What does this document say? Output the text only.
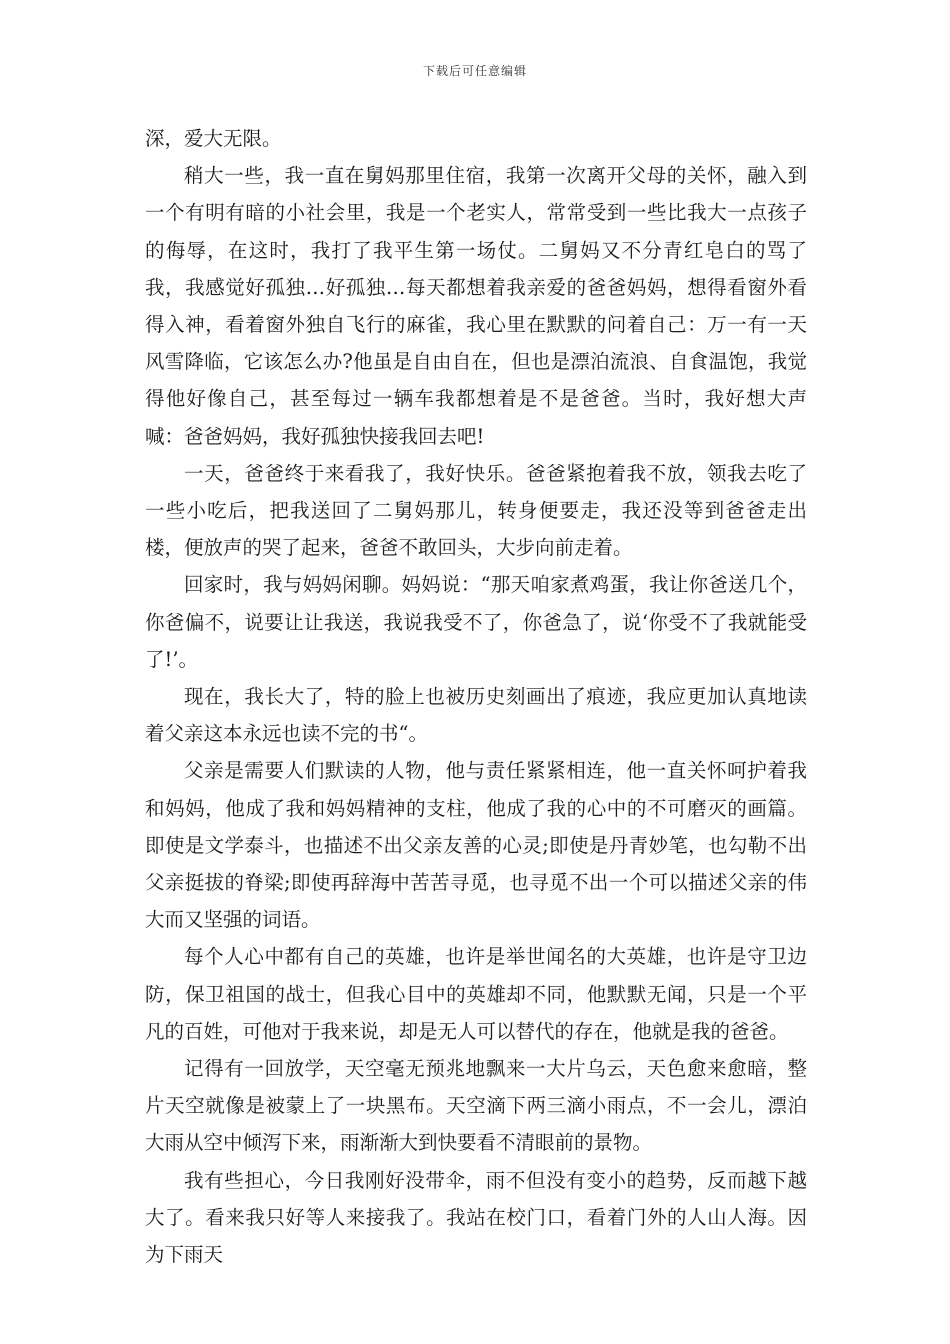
下载后可任意编辑

深，爱大无限。

稍大一些，我一直在舅妈那里住宿，我第一次离开父母的关怀，融入到一个有明有暗的小社会里，我是一个老实人，常常受到一些比我大一点孩子的侮辱，在这时，我打了我平生第一场仗。二舅妈又不分青红皂白的骂了我，我感觉好孤独…好孤独…每天都想着我亲爱的爸爸妈妈，想得看窗外看得入神，看着窗外独自飞行的麻雀，我心里在默默的问着自己：万一有一天风雪降临，它该怎么办?他虽是自由自在，但也是漂泊流浪、自食温饱，我觉得他好像自己，甚至每过一辆车我都想着是不是爸爸。当时，我好想大声喊：爸爸妈妈，我好孤独快接我回去吧!

一天，爸爸终于来看我了，我好快乐。爸爸紧抱着我不放，领我去吃了一些小吃后，把我送回了二舅妈那儿，转身便要走，我还没等到爸爸走出楼，便放声的哭了起来，爸爸不敢回头，大步向前走着。

回家时，我与妈妈闲聊。妈妈说：“那天咱家煮鸡蛋，我让你爸送几个，你爸偏不，说要让让我送，我说我受不了，你爸急了，说‘你受不了我就能受了!’。

现在，我长大了，特的脸上也被历史刻画出了痕迹，我应更加认真地读着父亲这本永远也读不完的书“。

父亲是需要人们默读的人物，他与责任紧紧相连，他一直关怀呵护着我和妈妈，他成了我和妈妈精神的支柱，他成了我的心中的不可磨灭的画篇。即使是文学泰斗，也描述不出父亲友善的心灵;即使是丹青妙笔，也勾勒不出父亲挺拔的脊梁;即使再辞海中苦苦寻觅，也寻觅不出一个可以描述父亲的伟大而又坚强的词语。

每个人心中都有自己的英雄，也许是举世闻名的大英雄，也许是守卫边防，保卫祖国的战士，但我心目中的英雄却不同，他默默无闻，只是一个平凡的百姓，可他对于我来说，却是无人可以替代的存在，他就是我的爸爸。

记得有一回放学，天空毫无预兆地飘来一大片乌云，天色愈来愈暗，整片天空就像是被蒙上了一块黑布。天空滴下两三滴小雨点，不一会儿，漂泊大雨从空中倾泻下来，雨渐渐大到快要看不清眼前的景物。

我有些担心，今日我刚好没带伞，雨不但没有变小的趋势，反而越下越大了。看来我只好等人来接我了。我站在校门口，看着门外的人山人海。因为下雨天
